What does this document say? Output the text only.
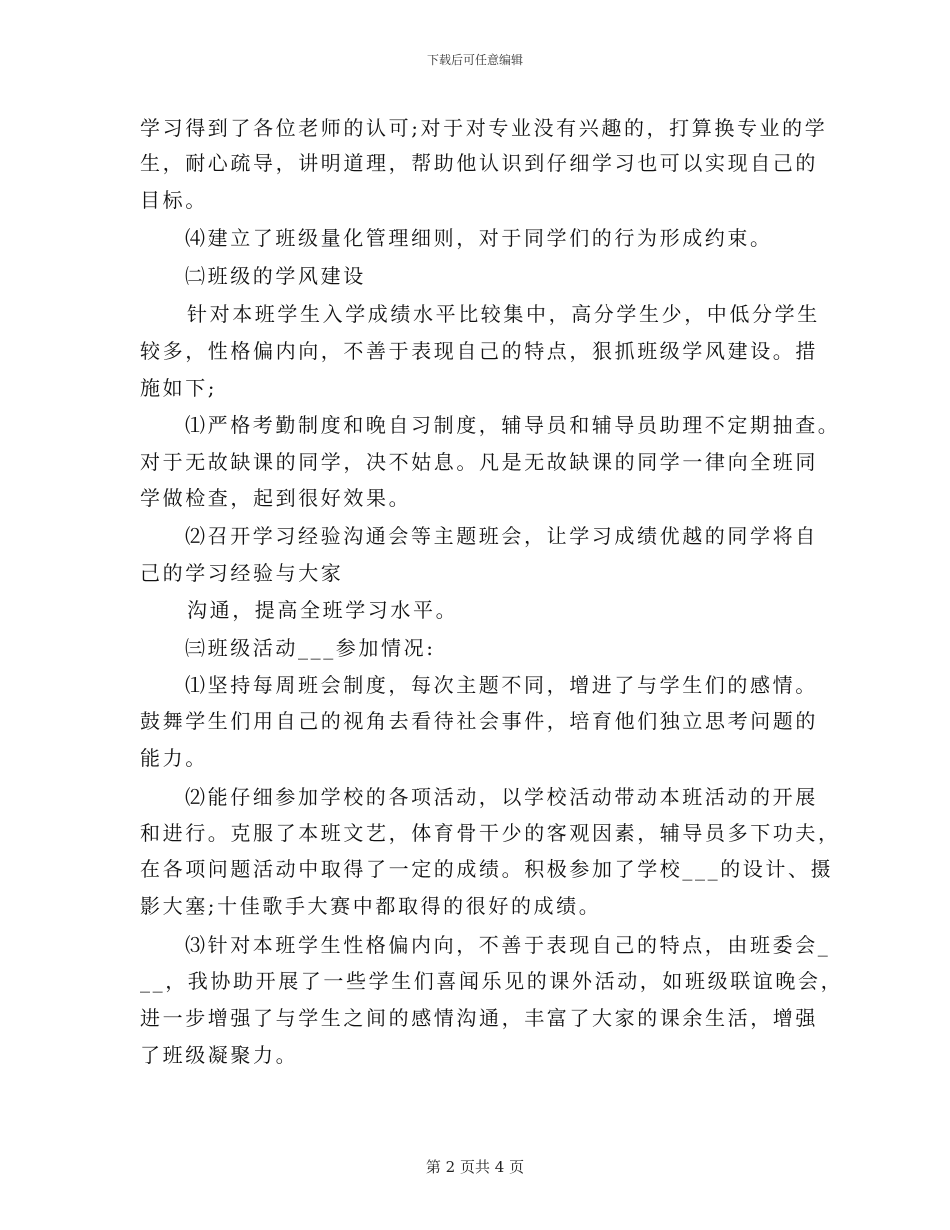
下载后可任意编辑
学习得到了各位老师的认可;对于对专业没有兴趣的，打算换专业的学
生，耐心疏导，讲明道理，帮助他认识到仔细学习也可以实现自己的
目标。
⑷建立了班级量化管理细则，对于同学们的行为形成约束。
㈡班级的学风建设
针对本班学生入学成绩水平比较集中，高分学生少，中低分学生
较多，性格偏内向，不善于表现自己的特点，狠抓班级学风建设。措
施如下;
⑴严格考勤制度和晚自习制度，辅导员和辅导员助理不定期抽查。
对于无故缺课的同学，决不姑息。凡是无故缺课的同学一律向全班同
学做检查，起到很好效果。
⑵召开学习经验沟通会等主题班会，让学习成绩优越的同学将自
己的学习经验与大家
沟通，提高全班学习水平。
㈢班级活动___参加情况:
⑴坚持每周班会制度，每次主题不同，增进了与学生们的感情。
鼓舞学生们用自己的视角去看待社会事件，培育他们独立思考问题的
能力。
⑵能仔细参加学校的各项活动，以学校活动带动本班活动的开展
和进行。克服了本班文艺，体育骨干少的客观因素，辅导员多下功夫，
在各项问题活动中取得了一定的成绩。积极参加了学校___的设计、摄
影大塞;十佳歌手大赛中都取得的很好的成绩。
⑶针对本班学生性格偏内向，不善于表现自己的特点，由班委会_
__，我协助开展了一些学生们喜闻乐见的课外活动，如班级联谊晚会，
进一步增强了与学生之间的感情沟通，丰富了大家的课余生活，增强
了班级凝聚力。
第 2 页共 4 页
